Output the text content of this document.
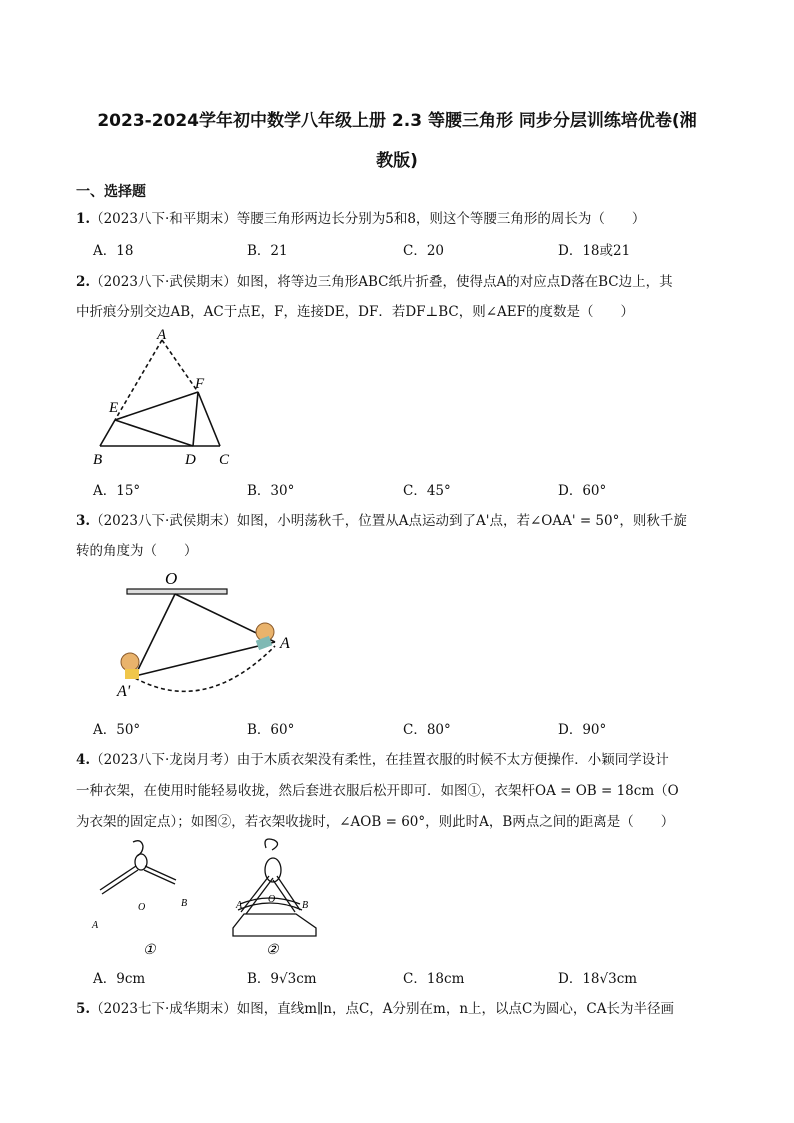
2023-2024学年初中数学八年级上册 2.3 等腰三角形 同步分层训练培优卷(湘
教版)
一、选择题
1.（2023八下·和平期末）等腰三角形两边长分别为5和8，则这个等腰三角形的周长为（　　）
A．18	B．21	C．20	D．18或21
2.（2023八下·武侯期末）如图，将等边三角形ABC纸片折叠，使得点A的对应点D落在BC边上，其
中折痕分别交边AB，AC于点E，F，连接DE，DF．若DF⊥BC，则∠AEF的度数是（　　）
A
E
F
B	D C
A．15°	B．30°	C．45°	D．60°
3.（2023八下·武侯期末）如图，小明荡秋千，位置从A点运动到了A'点，若∠OAA' = 50°，则秋千旋
转的角度为（　　）
O
A
A'
A．50°	B．60°	C．80°	D．90°
4.（2023八下·龙岗月考）由于木质衣架没有柔性，在挂置衣服的时候不太方便操作．小颖同学设计
一种衣架，在使用时能轻易收拢，然后套进衣服后松开即可．如图①，衣架杆OA = OB = 18cm（O
为衣架的固定点）；如图②，若衣架收拢时，∠AOB = 60°，则此时A，B两点之间的距离是（　　）
A
O	B
①
A
O
B
②
A．9cm	B．9√3cm	C．18cm	D．18√3cm
5.（2023七下·成华期末）如图，直线m∥n，点C，A分别在m，n上，以点C为圆心，CA长为半径画
